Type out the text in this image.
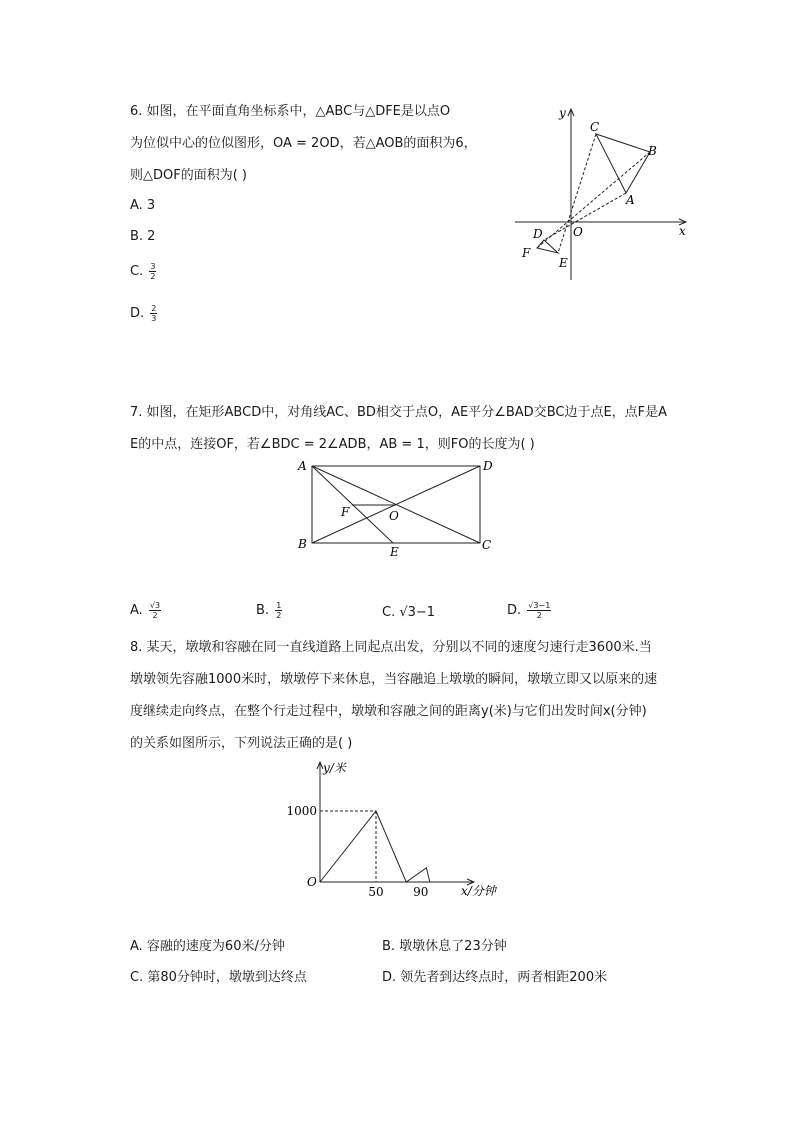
6. 如图，在平面直角坐标系中，△ABC与△DFE是以点O
为位似中心的位似图形，OA = 2OD，若△AOB的面积为6，
则△DOF的面积为( )
A. 3
B. 2
C. $\frac{3}{2}$
D. $\frac{2}{3}$
y
x
O
C
B
A
D
F
E
7. 如图，在矩形ABCD中，对角线AC、BD相交于点O，AE平分∠BAD交BC边于点E，点F是A
E的中点，连接OF，若∠BDC = 2∠ADB，AB = 1，则FO的长度为( )
A	D
B	C
E
F	O
A. $\frac{√3}{2}$	B. $\frac{1}{2}$	C. √3−1	D. $\frac{√3-1}{2}$
8. 某天，墩墩和容融在同一直线道路上同起点出发，分别以不同的速度匀速行走3600米.当
墩墩领先容融1000米时，墩墩停下来休息，当容融追上墩墩的瞬间，墩墩立即又以原来的速
度继续走向终点，在整个行走过程中，墩墩和容融之间的距离y(米)与它们出发时间x(分钟)
的关系如图所示，下列说法正确的是( )
y/米
x/分钟
O
1000
50 90
A. 容融的速度为60米/分钟	B. 墩墩休息了23分钟
C. 第80分钟时，墩墩到达终点	D. 领先者到达终点时，两者相距200米
